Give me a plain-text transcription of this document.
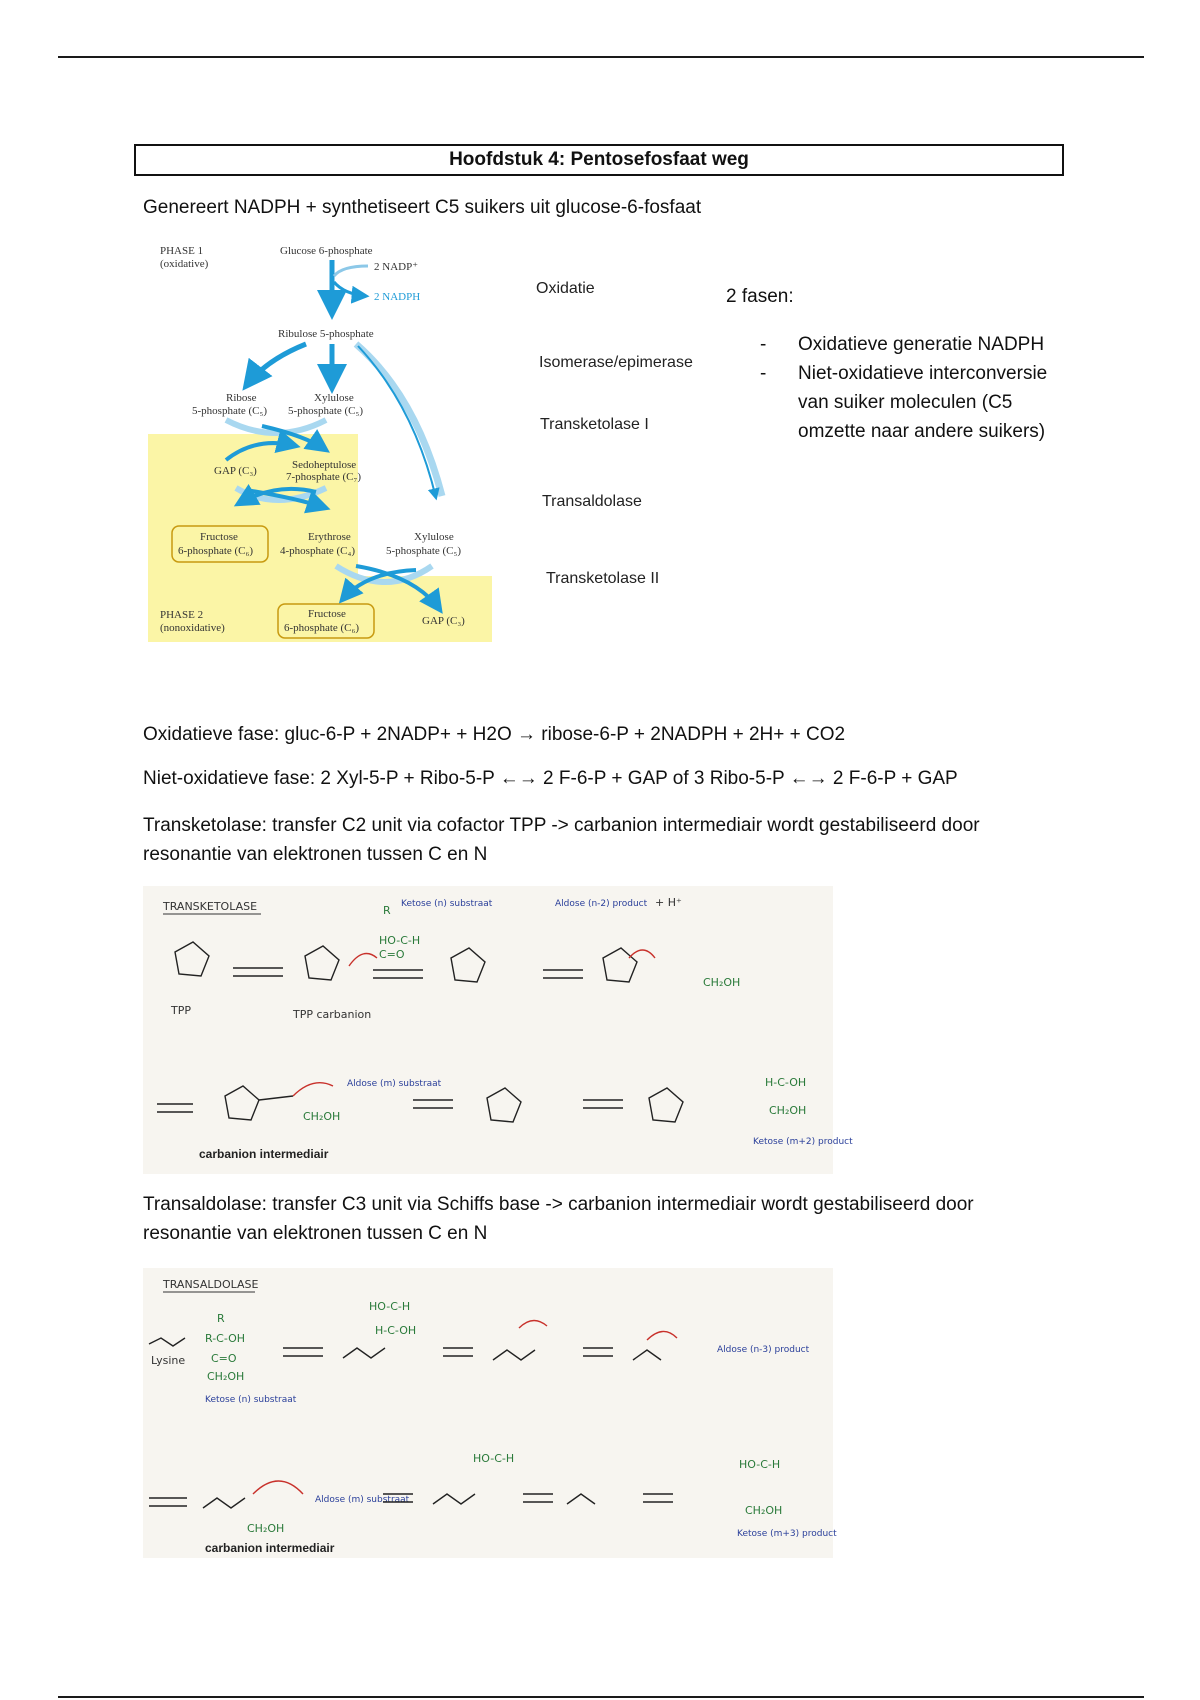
Hoofdstuk 4: Pentosefosfaat weg

Genereert NADPH + synthetiseert C5 suikers uit glucose-6-fosfaat

PHASE 1
(oxidative)
Glucose 6-phosphate
2 NADP⁺
2 NADPH
Ribulose 5-phosphate
Ribose
5-phosphate (C₅)
Xylulose
5-phosphate (C₅)
GAP (C₃)	Sedoheptulose
7-phosphate (C₇)
Fructose
6-phosphate (C₆)
Erythrose
4-phosphate (C₄)
Xylulose
5-phosphate (C₅)
PHASE 2
(nonoxidative)
Fructose
6-phosphate (C₆)
GAP (C₃)
Oxidatie
Isomerase/epimerase
Transketolase I
Transaldolase
Transketolase II
2 fasen:
- Oxidatieve generatie NADPH
- Niet-oxidatieve interconversie van suiker moleculen (C5 omzette naar andere suikers)

Oxidatieve fase: gluc-6-P + 2NADP+ + H2O → ribose-6-P + 2NADPH + 2H+ + CO2

Niet-oxidatieve fase: 2 Xyl-5-P + Ribo-5-P ←→ 2 F-6-P + GAP of 3 Ribo-5-P ←→ 2 F-6-P + GAP

Transketolase: transfer C2 unit via cofactor TPP -> carbanion intermediair wordt gestabiliseerd door resonantie van elektronen tussen C en N

TRANSKETOLASE	R
HO-C-H
C=O
Ketose (n) substraat
CH₂OH
TPP	TPP carbanion
Aldose (n-2) product + H⁺
CH₂OH
Aldose (m) substraat	H-C-OH
CH₂OH
Ketose (m+2) product
carbanion intermediair

Transaldolase: transfer C3 unit via Schiffs base -> carbanion intermediair wordt gestabiliseerd door resonantie van elektronen tussen C en N

TRANSALDOLASE
Lysine
R
R-C-OH
C=O
CH₂OH
Ketose (n) substraat
HO-C-H
H-C-OH
Aldose (n-3) product
CH₂OH
Aldose (m) substraat
HO-C-H	HO-C-H
CH₂OH
Ketose (m+3) product
carbanion intermediair
